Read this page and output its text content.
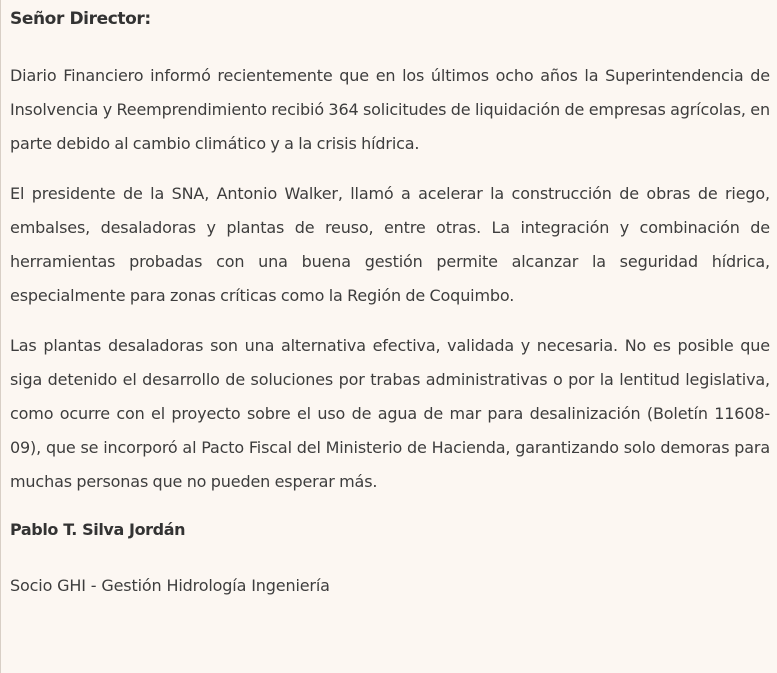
Señor Director:

Diario Financiero informó recientemente que en los últimos ocho años la Superintendencia de Insolvencia y Reemprendimiento recibió 364 solicitudes de liquidación de empresas agrícolas, en parte debido al cambio climático y a la crisis hídrica.

El presidente de la SNA, Antonio Walker, llamó a acelerar la construcción de obras de riego, embalses, desaladoras y plantas de reuso, entre otras. La integración y combinación de herramientas probadas con una buena gestión permite alcanzar la seguridad hídrica, especialmente para zonas críticas como la Región de Coquimbo.

Las plantas desaladoras son una alternativa efectiva, validada y necesaria. No es posible que siga detenido el desarrollo de soluciones por trabas administrativas o por la lentitud legislativa, como ocurre con el proyecto sobre el uso de agua de mar para desalinización (Boletín 11608-09), que se incorporó al Pacto Fiscal del Ministerio de Hacienda, garantizando solo demoras para muchas personas que no pueden esperar más.

Pablo T. Silva Jordán

Socio GHI - Gestión Hidrología Ingeniería
